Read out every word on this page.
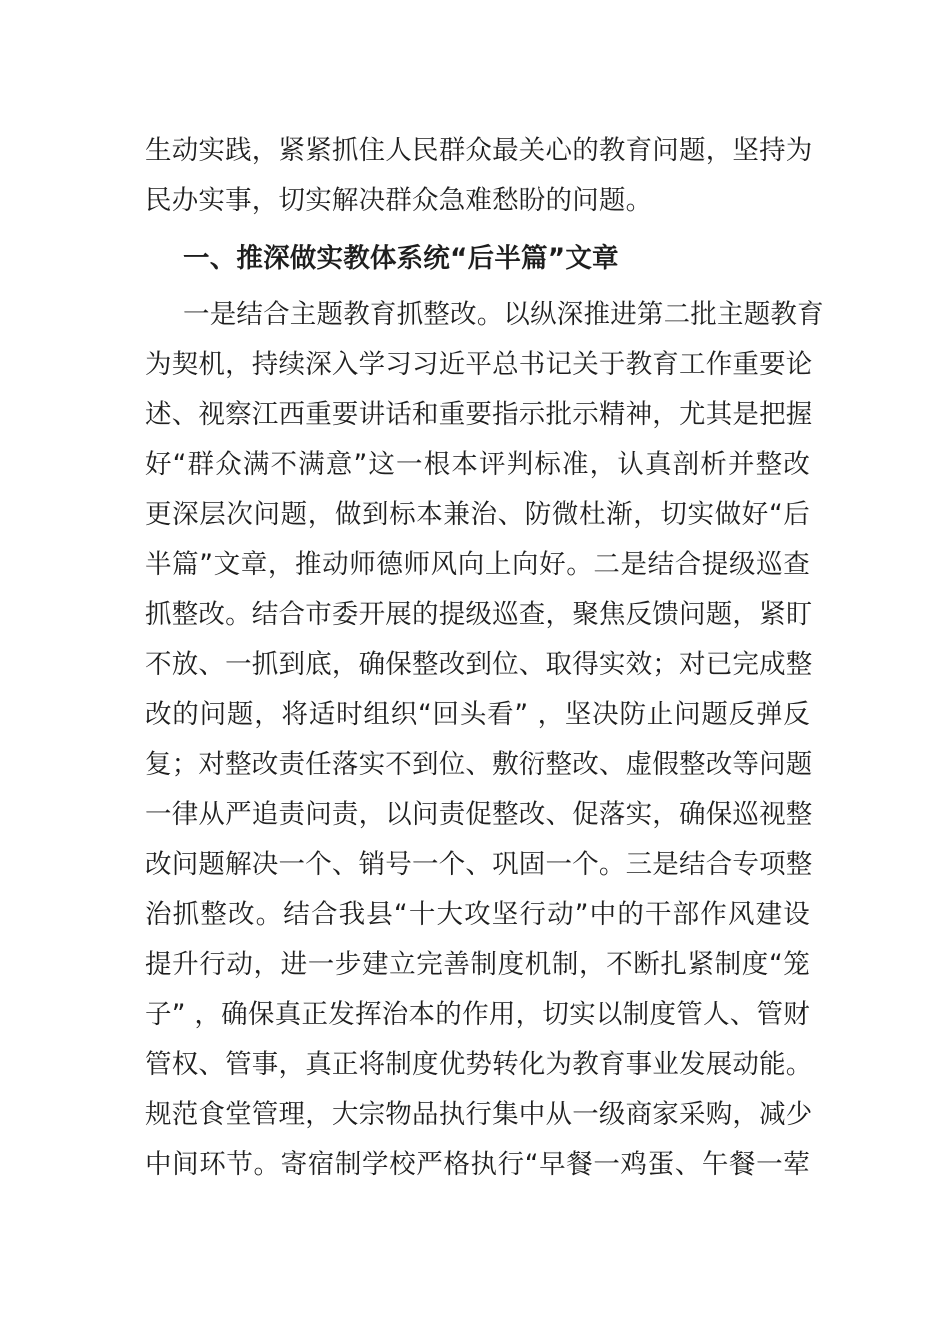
生动实践，紧紧抓住人民群众最关心的教育问题，坚持为
民办实事，切实解决群众急难愁盼的问题。
一、推深做实教体系统“后半篇”文章
一是结合主题教育抓整改。以纵深推进第二批主题教育
为契机，持续深入学习习近平总书记关于教育工作重要论
述、视察江西重要讲话和重要指示批示精神，尤其是把握
好“群众满不满意”这一根本评判标准，认真剖析并整改
更深层次问题，做到标本兼治、防微杜渐，切实做好“后
半篇”文章，推动师德师风向上向好。二是结合提级巡查
抓整改。结合市委开展的提级巡查，聚焦反馈问题，紧盯
不放、一抓到底，确保整改到位、取得实效；对已完成整
改的问题，将适时组织“回头看” ，坚决防止问题反弹反
复；对整改责任落实不到位、敷衍整改、虚假整改等问题
一律从严追责问责，以问责促整改、促落实，确保巡视整
改问题解决一个、销号一个、巩固一个。三是结合专项整
治抓整改。结合我县“十大攻坚行动”中的干部作风建设
提升行动，进一步建立完善制度机制，不断扎紧制度“笼
子” ，确保真正发挥治本的作用，切实以制度管人、管财
管权、管事，真正将制度优势转化为教育事业发展动能。
规范食堂管理，大宗物品执行集中从一级商家采购，减少
中间环节。寄宿制学校严格执行“早餐一鸡蛋、午餐一荤
